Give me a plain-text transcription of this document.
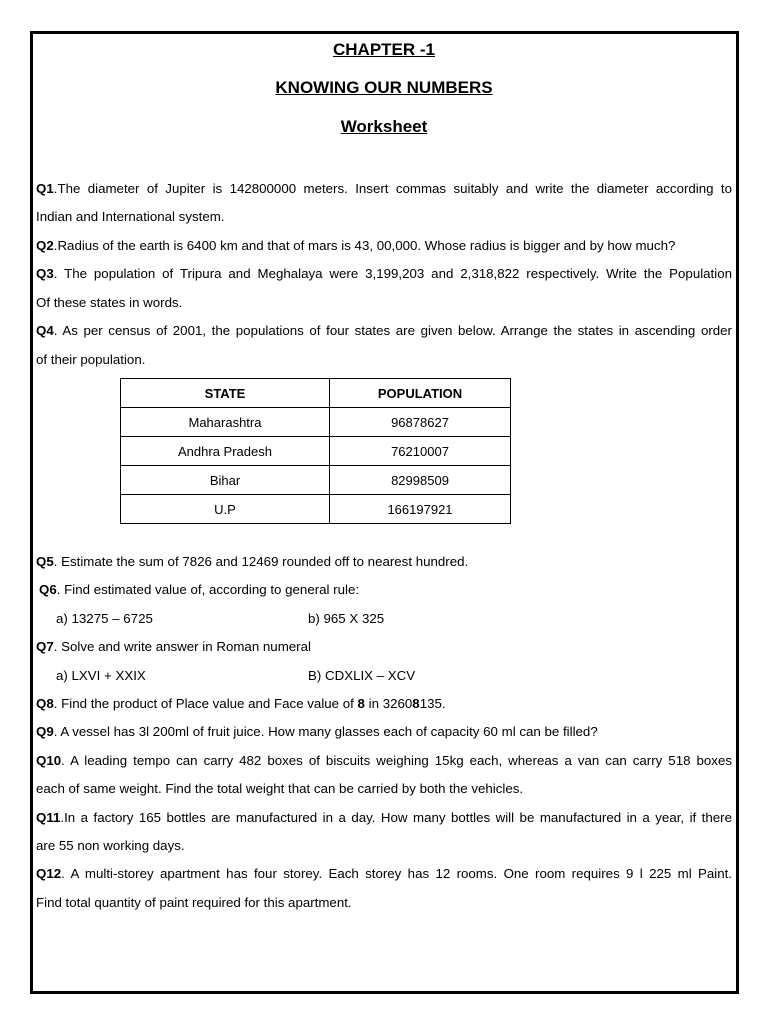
CHAPTER -1
KNOWING OUR NUMBERS
Worksheet
Q1.The diameter of Jupiter is 142800000 meters. Insert commas suitably and write the diameter according to
Indian and International system.
Q2.Radius of the earth is 6400 km and that of mars is 43, 00,000. Whose radius is bigger and by how much?
Q3. The population of Tripura and Meghalaya were 3,199,203 and 2,318,822 respectively. Write the Population
Of these states in words.
Q4. As per census of 2001, the populations of four states are given below. Arrange the states in ascending order
of their population.
STATE	POPULATION
Maharashtra	96878627
Andhra Pradesh	76210007
Bihar	82998509
U.P	166197921
Q5. Estimate the sum of 7826 and 12469 rounded off to nearest hundred.
Q6. Find estimated value of, according to general rule:
a) 13275 – 6725	b) 965 X 325
Q7. Solve and write answer in Roman numeral
a) LXVI + XXIX	B) CDXLIX – XCV
Q8. Find the product of Place value and Face value of 8 in 32608135.
Q9. A vessel has 3l 200ml of fruit juice. How many glasses each of capacity 60 ml can be filled?
Q10. A leading tempo can carry 482 boxes of biscuits weighing 15kg each, whereas a van can carry 518 boxes
each of same weight. Find the total weight that can be carried by both the vehicles.
Q11.In a factory 165 bottles are manufactured in a day. How many bottles will be manufactured in a year, if there
are 55 non working days.
Q12. A multi-storey apartment has four storey. Each storey has 12 rooms. One room requires 9 l 225 ml Paint.
Find total quantity of paint required for this apartment.
